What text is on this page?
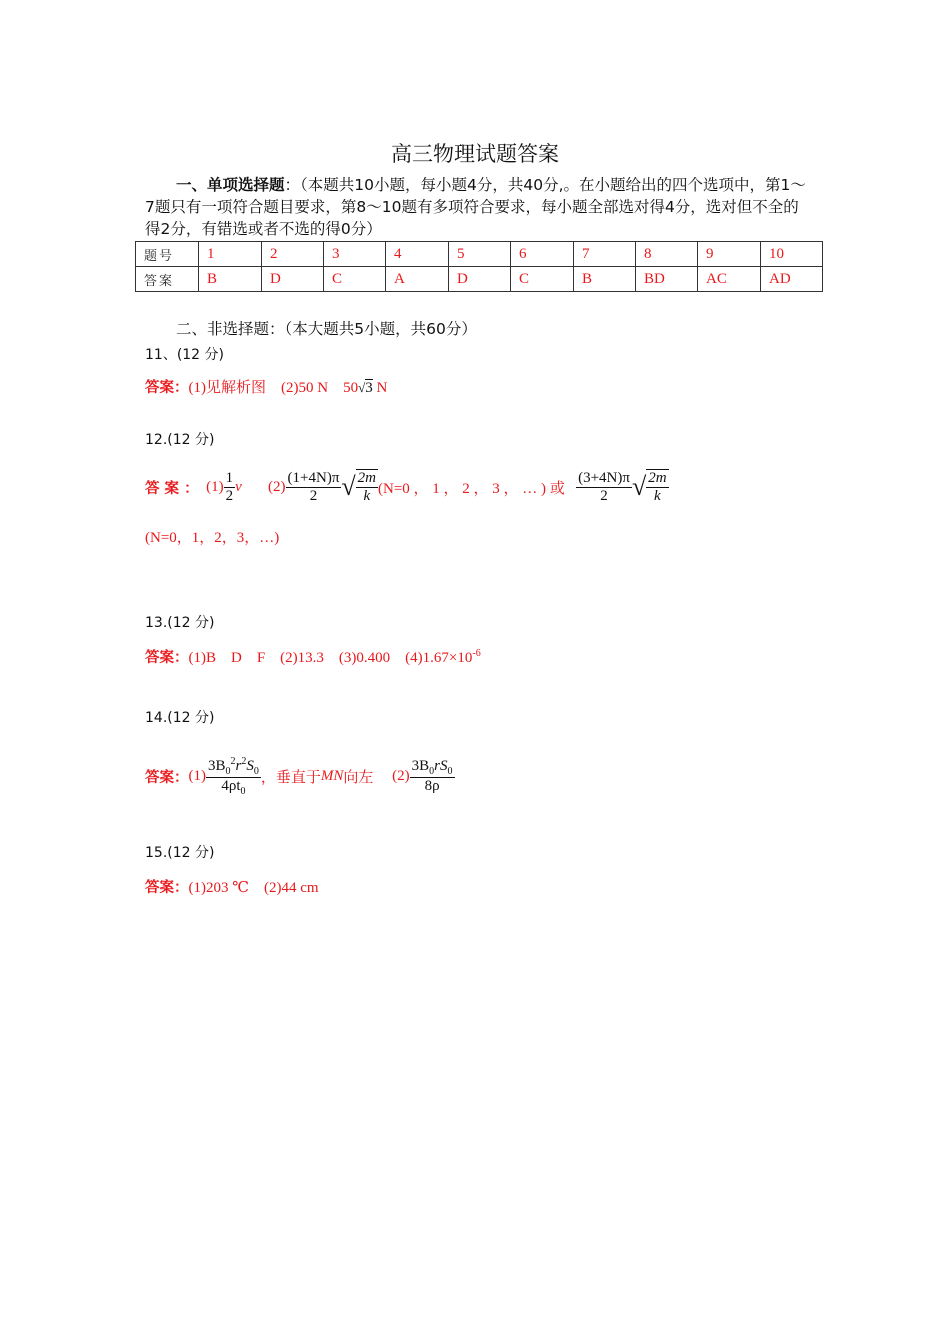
高三物理试题答案
一、单项选择题：（本题共10小题，每小题4分，共40分,。在小题给出的四个选项中，第1～7题只有一项符合题目要求，第8～10题有多项符合要求，每小题全部选对得4分，选对但不全的得2分，有错选或者不选的得0分）
题号	1	2	3	4	5	6	7	8	9	10
答案	B	D	C	A	D	C	B	BD	AC	AD
二、非选择题：（本大题共5小题，共60分）
11、(12 分)
答案：(1)见解析图 (2)50 N 50√3 N
12.(12 分)
答 案 ：
$(1) \frac{1}{2}$ v
$(2) \frac{(1+4N)\pi}{2}$ √ $\frac{2m}{k} (N=0$ ， 1 ， 2 ， 3 ， … )
或
$\frac{(3+4N)\pi}{2}$ √ $\frac{2m}{k}$
(N=0，1，2，3，…)
13.(12 分)
答案：(1)B    D    F    (2)13.3    (3)0.400    $(4)1.67\times 10^{-6}$
14.(12 分)
答案： $(1) \frac{3B_0^2r^2S_0}{4\rho t_0}$ ，垂直于 MN 向左
$(2) \frac{3B_0rS_0}{8\rho}$
15.(12 分)
答案：(1)203 ℃    (2)44 cm
